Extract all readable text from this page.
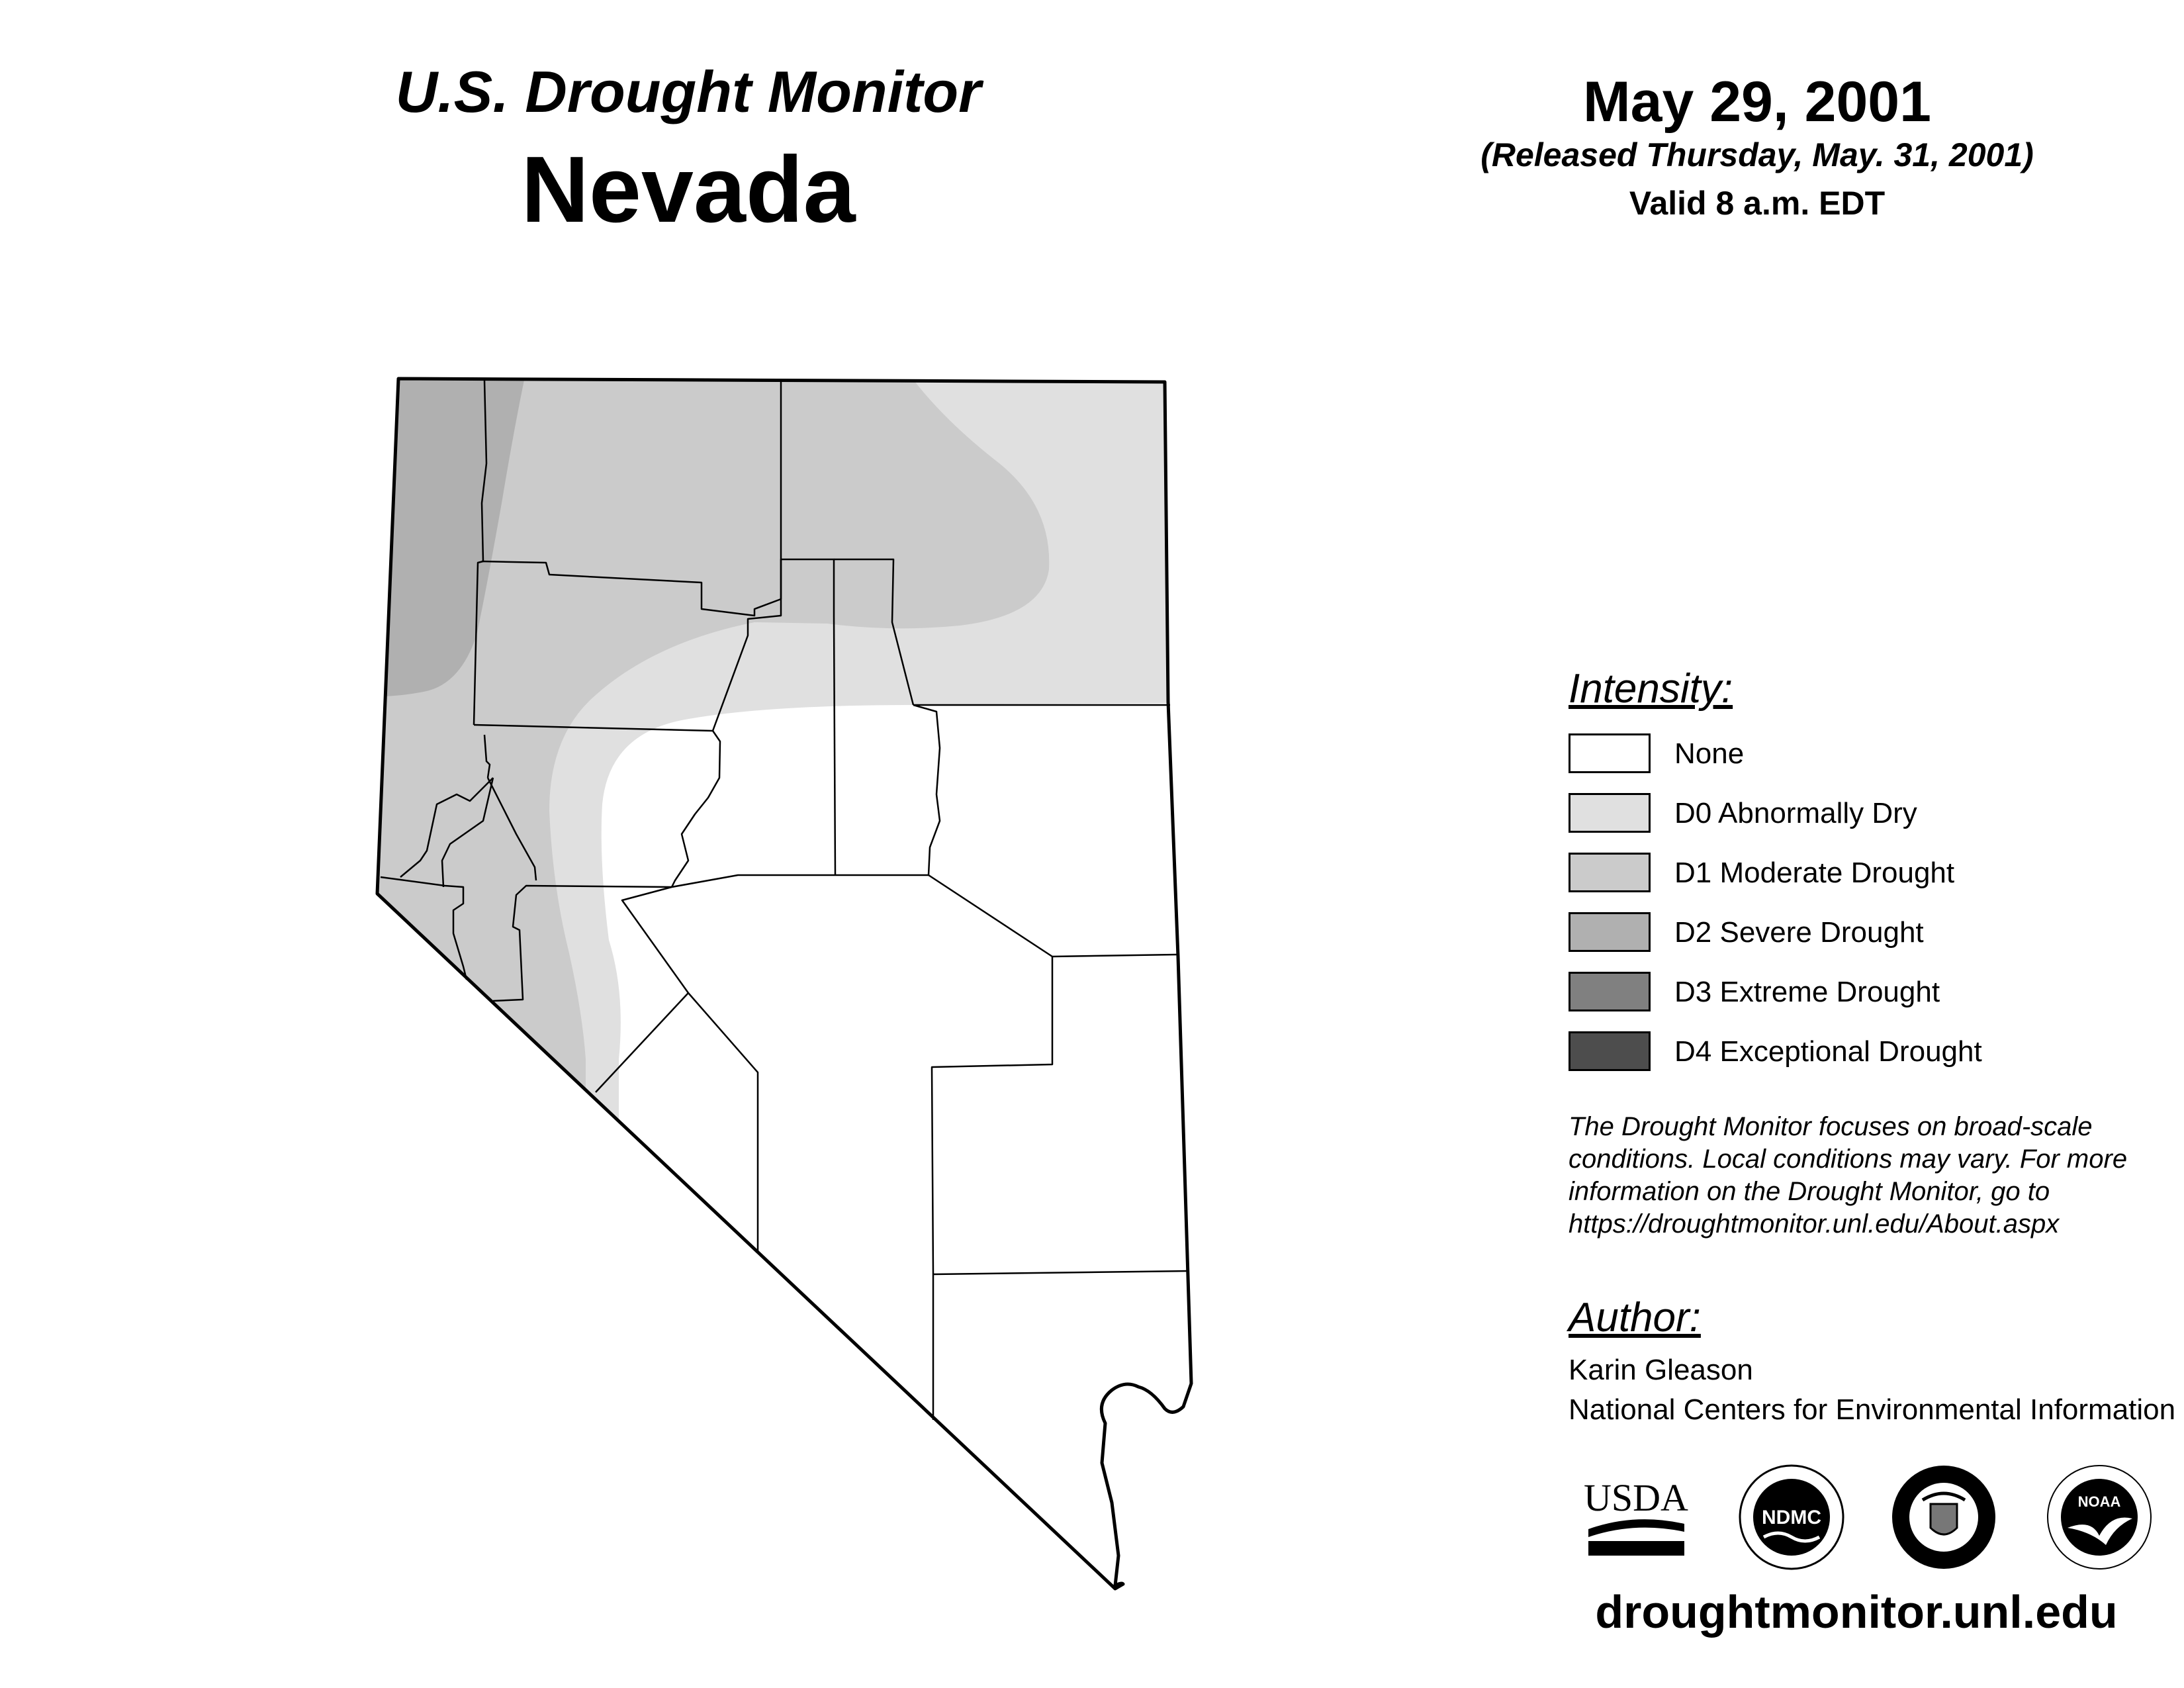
U.S. Drought Monitor
Nevada
May 29, 2001
(Released Thursday, May. 31, 2001)
Valid 8 a.m. EDT
Intensity:
None
D0 Abnormally Dry
D1 Moderate Drought
D2 Severe Drought
D3 Extreme Drought
D4 Exceptional Drought
The Drought Monitor focuses on broad-scale
conditions. Local conditions may vary. For more
information on the Drought Monitor, go to
https://droughtmonitor.unl.edu/About.aspx
Author:
Karin Gleason
National Centers for Environmental Information
USDA	NDMC
NOAA
droughtmonitor.unl.edu
